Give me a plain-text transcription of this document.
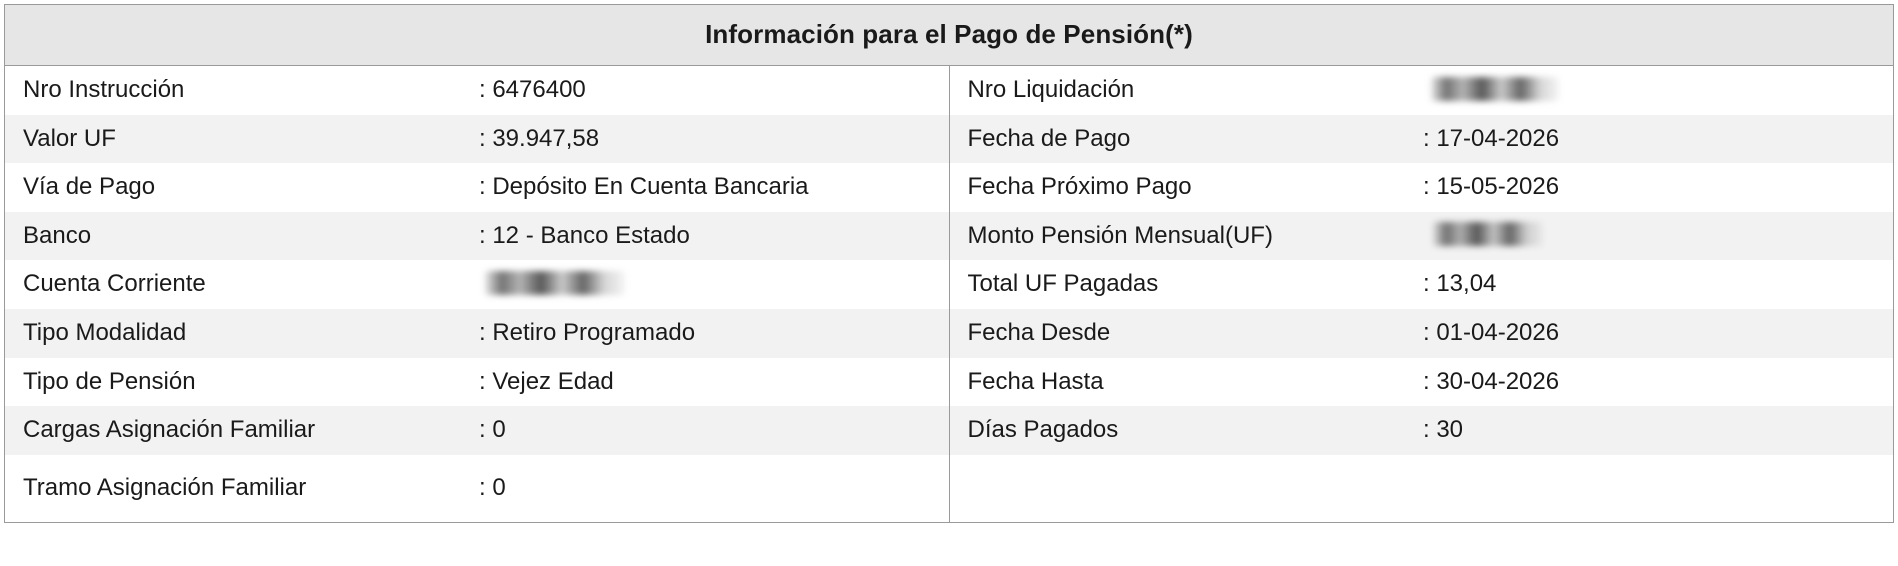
Información para el Pago de Pensión(*)			
Nro Instrucción	: 6476400	Nro Liquidación	
Valor UF	: 39.947,58	Fecha de Pago	: 17-04-2026
Vía de Pago	: Depósito En Cuenta Bancaria	Fecha Próximo Pago	: 15-05-2026
Banco	: 12 - Banco Estado	Monto Pensión Mensual(UF)	
Cuenta Corriente		Total UF Pagadas	: 13,04
Tipo Modalidad	: Retiro Programado	Fecha Desde	: 01-04-2026
Tipo de Pensión	: Vejez Edad	Fecha Hasta	: 30-04-2026
Cargas Asignación Familiar	: 0	Días Pagados	: 30
Tramo Asignación Familiar	: 0		
